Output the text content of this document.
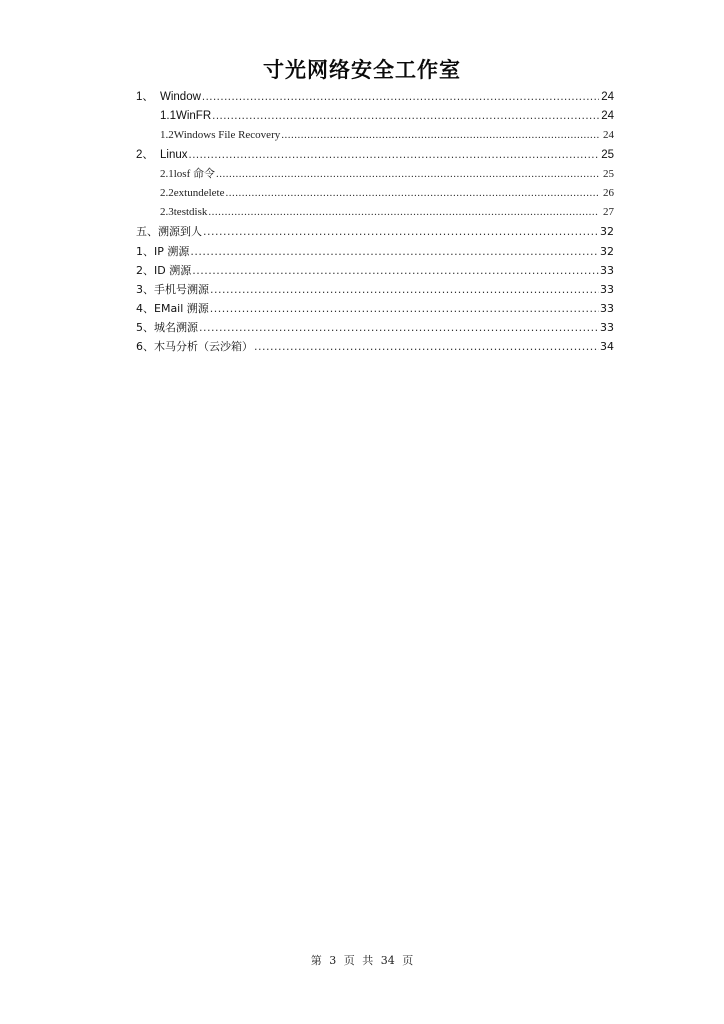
寸光网络安全工作室
1、 Window .....	24
1.1WinFR .....	24
1.2Windows File Recovery .....	24
2、 Linux .....	25
2.1losf 命令 .....	25
2.2extundelete .....	26
2.3testdisk .....	27
五、溯源到人 .....	32
1、IP 溯源 .....	32
2、ID 溯源 .....	33
3、手机号溯源 .....	33
4、EMail 溯源 .....	33
5、城名溯源 .....	33
6、木马分析（云沙箱） .....	34
第 3 页 共 34 页
